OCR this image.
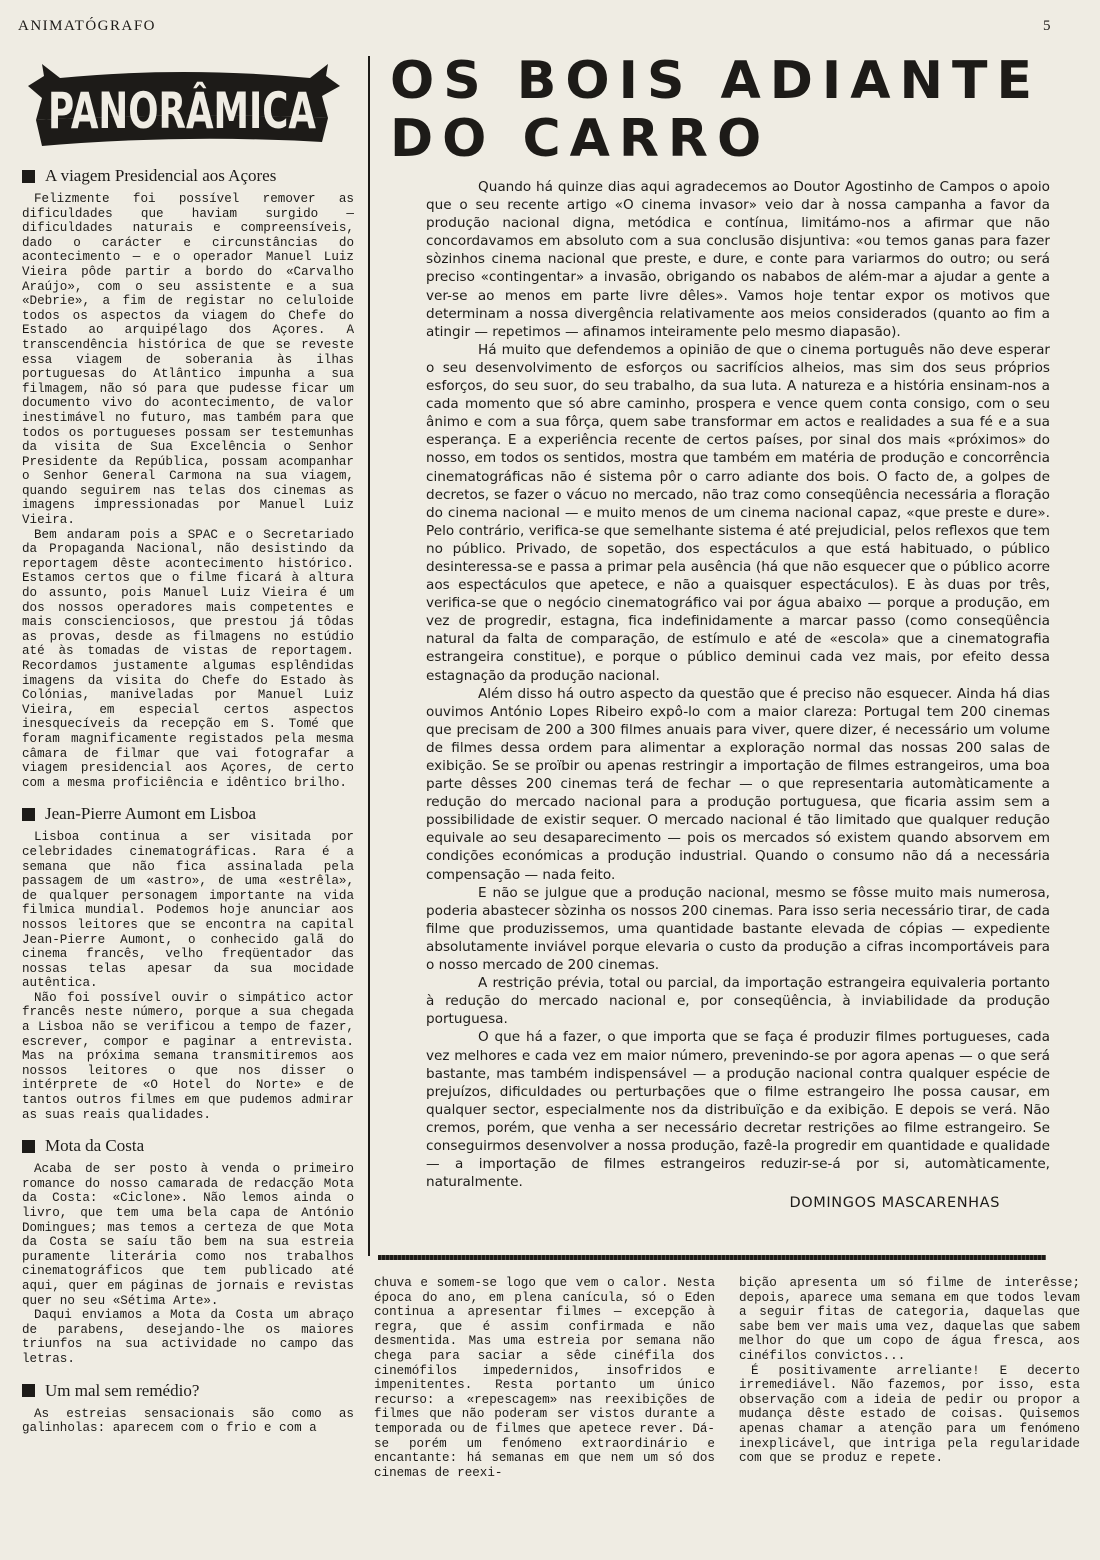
ANIMATÓGRAFO	5
PANORÂMICA
A viagem Presidencial aos Açores

Felizmente foi possível remover as dificuldades que haviam surgido — dificuldades naturais e compreensíveis, dado o carácter e circunstâncias do acontecimento — e o operador Manuel Luiz Vieira pôde partir a bordo do «Carvalho Araújo», com o seu assistente e a sua «Debrie», a fim de registar no celuloide todos os aspectos da viagem do Chefe do Estado ao arquipélago dos Açores. A transcendência histórica de que se reveste essa viagem de soberania às ilhas portuguesas do Atlântico impunha a sua filmagem, não só para que pudesse ficar um documento vivo do acontecimento, de valor inestimável no futuro, mas também para que todos os portugueses possam ser testemunhas da visita de Sua Excelência o Senhor Presidente da República, possam acompanhar o Senhor General Carmona na sua viagem, quando seguirem nas telas dos cinemas as imagens impressionadas por Manuel Luiz Vieira.

Bem andaram pois a SPAC e o Secretariado da Propaganda Nacional, não desistindo da reportagem dêste acontecimento histórico. Estamos certos que o filme ficará à altura do assunto, pois Manuel Luiz Vieira é um dos nossos operadores mais competentes e mais conscienciosos, que prestou já tôdas as provas, desde as filmagens no estúdio até às tomadas de vistas de reportagem. Recordamos justamente algumas esplêndidas imagens da visita do Chefe do Estado às Colónias, maniveladas por Manuel Luiz Vieira, em especial certos aspectos inesquecíveis da recepção em S. Tomé que foram magnificamente registados pela mesma câmara de filmar que vai fotografar a viagem presidencial aos Açores, de certo com a mesma proficiência e idêntico brilho.

Jean-Pierre Aumont em Lisboa

Lisboa continua a ser visitada por celebridades cinematográficas. Rara é a semana que não fica assinalada pela passagem de um «astro», de uma «estrêla», de qualquer personagem importante na vida filmica mundial. Podemos hoje anunciar aos nossos leitores que se encontra na capital Jean-Pierre Aumont, o conhecido galã do cinema francês, velho freqüentador das nossas telas apesar da sua mocidade autêntica.

Não foi possível ouvir o simpático actor francês neste número, porque a sua chegada a Lisboa não se verificou a tempo de fazer, escrever, compor e paginar a entrevista. Mas na próxima semana transmitiremos aos nossos leitores o que nos disser o intérprete de «O Hotel do Norte» e de tantos outros filmes em que pudemos admirar as suas reais qualidades.

Mota da Costa

Acaba de ser posto à venda o primeiro romance do nosso camarada de redacção Mota da Costa: «Ciclone». Não lemos ainda o livro, que tem uma bela capa de António Domingues; mas temos a certeza de que Mota da Costa se saíu tão bem na sua estreia puramente literária como nos trabalhos cinematográficos que tem publicado até aqui, quer em páginas de jornais e revistas quer no seu «Sétima Arte».

Daqui enviamos a Mota da Costa um abraço de parabens, desejando-lhe os maiores triunfos na sua actividade no campo das letras.

Um mal sem remédio?

As estreias sensacionais são como as galinholas: aparecem com o frio e com a

OS BOIS ADIANTE
DO CARRO

Quando há quinze dias aqui agradecemos ao Doutor Agostinho de Campos o apoio que o seu recente artigo «O cinema invasor» veio dar à nossa campanha a favor da produção nacional digna, metódica e contínua, limitámo-nos a afirmar que não concordavamos em absoluto com a sua conclusão disjuntiva: «ou temos ganas para fazer sòzinhos cinema nacional que preste, e dure, e conte para variarmos do outro; ou será preciso «contingentar» a invasão, obrigando os nababos de além-mar a ajudar a gente a ver-se ao menos em parte livre dêles». Vamos hoje tentar expor os motivos que determinam a nossa divergência relativamente aos meios considerados (quanto ao fim a atingir — repetimos — afinamos inteiramente pelo mesmo diapasão).

Há muito que defendemos a opinião de que o cinema português não deve esperar o seu desenvolvimento de esforços ou sacrifícios alheios, mas sim dos seus próprios esforços, do seu suor, do seu trabalho, da sua luta. A natureza e a história ensinam-nos a cada momento que só abre caminho, prospera e vence quem conta consigo, com o seu ânimo e com a sua fôrça, quem sabe transformar em actos e realidades a sua fé e a sua esperança. E a experiência recente de certos países, por sinal dos mais «próximos» do nosso, em todos os sentidos, mostra que também em matéria de produção e concorrência cinematográficas não é sistema pôr o carro adiante dos bois. O facto de, a golpes de decretos, se fazer o vácuo no mercado, não traz como conseqüência necessária a floração do cinema nacional — e muito menos de um cinema nacional capaz, «que preste e dure». Pelo contrário, verifica-se que semelhante sistema é até prejudicial, pelos reflexos que tem no público. Privado, de sopetão, dos espectáculos a que está habituado, o público desinteressa-se e passa a primar pela ausência (há que não esquecer que o público acorre aos espectáculos que apetece, e não a quaisquer espectáculos). E às duas por três, verifica-se que o negócio cinematográfico vai por água abaixo — porque a produção, em vez de progredir, estagna, fica indefinidamente a marcar passo (como conseqüência natural da falta de comparação, de estímulo e até de «escola» que a cinematografia estrangeira constitue), e porque o público deminui cada vez mais, por efeito dessa estagnação da produção nacional.

Além disso há outro aspecto da questão que é preciso não esquecer. Ainda há dias ouvimos António Lopes Ribeiro expô-lo com a maior clareza: Portugal tem 200 cinemas que precisam de 200 a 300 filmes anuais para viver, quere dizer, é necessário um volume de filmes dessa ordem para alimentar a exploração normal das nossas 200 salas de exibição. Se se proïbir ou apenas restringir a importação de filmes estrangeiros, uma boa parte dêsses 200 cinemas terá de fechar — o que representaria automàticamente a redução do mercado nacional para a produção portuguesa, que ficaria assim sem a possibilidade de existir sequer. O mercado nacional é tão limitado que qualquer redução equivale ao seu desaparecimento — pois os mercados só existem quando absorvem em condições económicas a produção industrial. Quando o consumo não dá a necessária compensação — nada feito.

E não se julgue que a produção nacional, mesmo se fôsse muito mais numerosa, poderia abastecer sòzinha os nossos 200 cinemas. Para isso seria necessário tirar, de cada filme que produzissemos, uma quantidade bastante elevada de cópias — expediente absolutamente inviável porque elevaria o custo da produção a cifras incomportáveis para o nosso mercado de 200 cinemas.

A restrição prévia, total ou parcial, da importação estrangeira equivaleria portanto à redução do mercado nacional e, por conseqüência, à inviabilidade da produção portuguesa.

O que há a fazer, o que importa que se faça é produzir filmes portugueses, cada vez melhores e cada vez em maior número, prevenindo-se por agora apenas — o que será bastante, mas também indispensável — a produção nacional contra qualquer espécie de prejuízos, dificuldades ou perturbações que o filme estrangeiro lhe possa causar, em qualquer sector, especialmente nos da distribuïção e da exibição. E depois se verá. Não cremos, porém, que venha a ser necessário decretar restrições ao filme estrangeiro. Se conseguirmos desenvolver a nossa produção, fazê-la progredir em quantidade e qualidade — a importação de filmes estrangeiros reduzir-se-á por si, automàticamente, naturalmente.

DOMINGOS MASCARENHAS

chuva e somem-se logo que vem o calor. Nesta época do ano, em plena canícula, só o Eden continua a apresentar filmes — excepção à regra, que é assim confirmada e não desmentida. Mas uma estreia por semana não chega para saciar a sêde cinéfila dos cinemófilos impedernidos, insofridos e impenitentes. Resta portanto um único recurso: a «repescagem» nas reexibições de filmes que não poderam ser vistos durante a temporada ou de filmes que apetece rever. Dá-se porém um fenómeno extraordinário e encantante: há semanas em que nem um só dos cinemas de reexi-

bição apresenta um só filme de interêsse; depois, aparece uma semana em que todos levam a seguir fitas de categoria, daquelas que sabe bem ver mais uma vez, daquelas que sabem melhor do que um copo de água fresca, aos cinéfilos convictos...

É positivamente arreliante! E decerto irremediável. Não fazemos, por isso, esta observação com a ideia de pedir ou propor a mudança dêste estado de coisas. Quisemos apenas chamar a atenção para um fenómeno inexplicável, que intriga pela regularidade com que se produz e repete.
